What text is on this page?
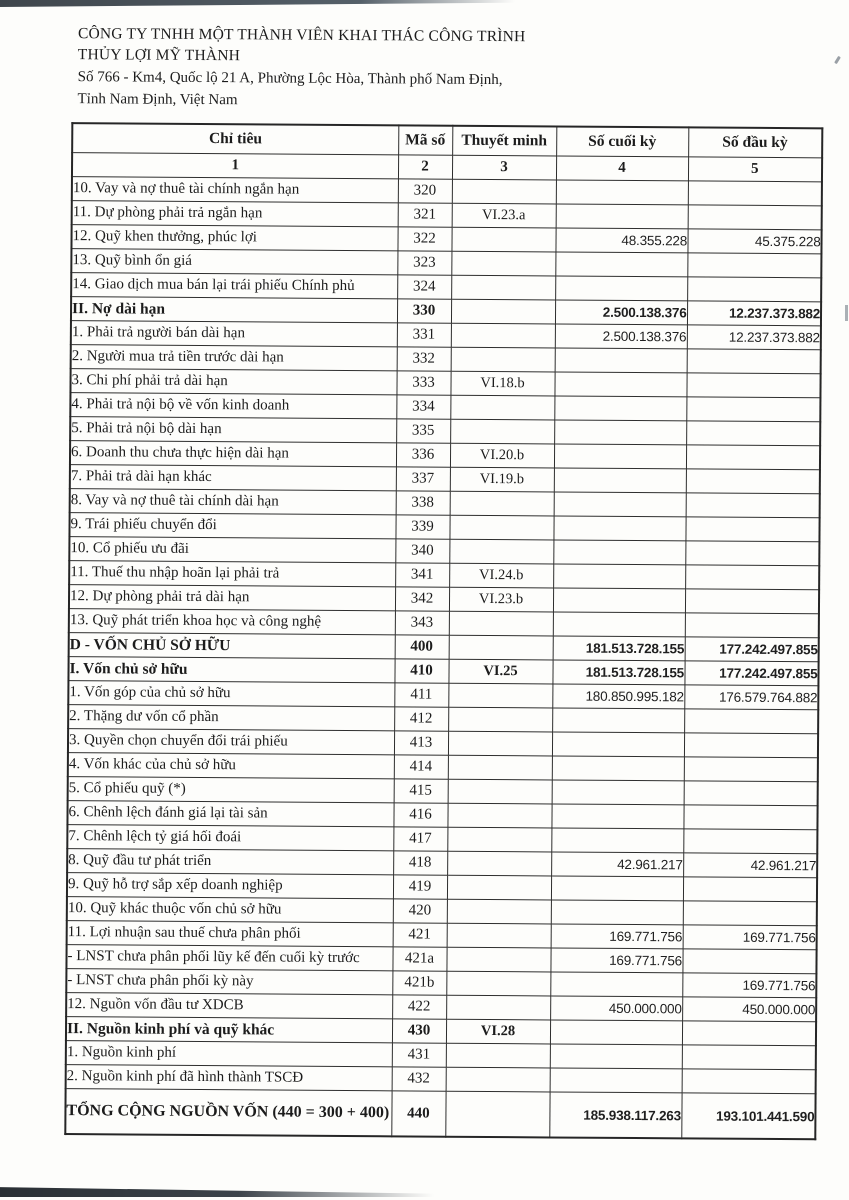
CÔNG TY TNHH MỘT THÀNH VIÊN KHAI THÁC CÔNG TRÌNH
THỦY LỢI MỸ THÀNH
Số 766 - Km4, Quốc lộ 21 A, Phường Lộc Hòa, Thành phố Nam Định,
Tỉnh Nam Định, Việt Nam
Chỉ tiêu	Mã số	Thuyết minh	Số cuối kỳ	Số đầu kỳ
1	2	3	4	5
10. Vay và nợ thuê tài chính ngắn hạn	320			
11. Dự phòng phải trả ngắn hạn	321	VI.23.a		
12. Quỹ khen thưởng, phúc lợi	322		48.355.228	45.375.228
13. Quỹ bình ổn giá	323			
14. Giao dịch mua bán lại trái phiếu Chính phủ	324			
II. Nợ dài hạn	330		2.500.138.376	12.237.373.882
1. Phải trả người bán dài hạn	331		2.500.138.376	12.237.373.882
2. Người mua trả tiền trước dài hạn	332			
3. Chi phí phải trả dài hạn	333	VI.18.b		
4. Phải trả nội bộ về vốn kinh doanh	334			
5. Phải trả nội bộ dài hạn	335			
6. Doanh thu chưa thực hiện dài hạn	336	VI.20.b		
7. Phải trả dài hạn khác	337	VI.19.b		
8. Vay và nợ thuê tài chính dài hạn	338			
9. Trái phiếu chuyển đổi	339			
10. Cổ phiếu ưu đãi	340			
11. Thuế thu nhập hoãn lại phải trả	341	VI.24.b		
12. Dự phòng phải trả dài hạn	342	VI.23.b		
13. Quỹ phát triển khoa học và công nghệ	343			
D - VỐN CHỦ SỞ HỮU	400		181.513.728.155	177.242.497.855
I. Vốn chủ sở hữu	410	VI.25	181.513.728.155	177.242.497.855
1. Vốn góp của chủ sở hữu	411		180.850.995.182	176.579.764.882
2. Thặng dư vốn cổ phần	412			
3. Quyền chọn chuyển đổi trái phiếu	413			
4. Vốn khác của chủ sở hữu	414			
5. Cổ phiếu quỹ (*)	415			
6. Chênh lệch đánh giá lại tài sản	416			
7. Chênh lệch tỷ giá hối đoái	417			
8. Quỹ đầu tư phát triển	418		42.961.217	42.961.217
9. Quỹ hỗ trợ sắp xếp doanh nghiệp	419			
10. Quỹ khác thuộc vốn chủ sở hữu	420			
11. Lợi nhuận sau thuế chưa phân phối	421		169.771.756	169.771.756
- LNST chưa phân phối lũy kế đến cuối kỳ trước	421a		169.771.756	
- LNST chưa phân phối kỳ này	421b			169.771.756
12. Nguồn vốn đầu tư XDCB	422		450.000.000	450.000.000
II. Nguồn kinh phí và quỹ khác	430	VI.28		
1. Nguồn kinh phí	431			
2. Nguồn kinh phí đã hình thành TSCĐ	432			
TỔNG CỘNG NGUỒN VỐN (440 = 300 + 400)	440		185.938.117.263	193.101.441.590
